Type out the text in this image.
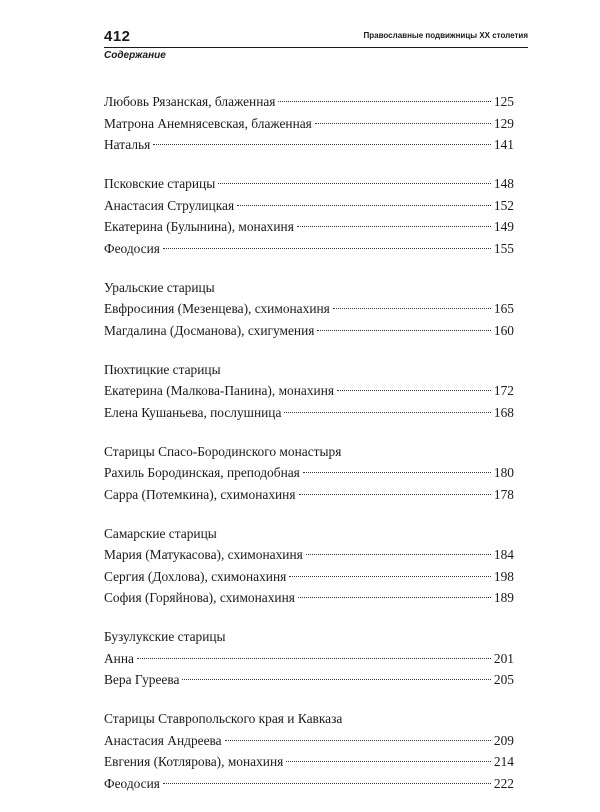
412	Православные подвижницы XX столетия
Содержание
Любовь Рязанская, блаженная	125
Матрона Анемнясевская, блаженная	129
Наталья	141
Псковские старицы	148
Анастасия Струлицкая	152
Екатерина (Булынина), монахиня	149
Феодосия	155
Уральские старицы
Евфросиния (Мезенцева), схимонахиня	165
Магдалина (Досманова), схигумения	160
Пюхтицкие старицы
Екатерина (Малкова-Панина), монахиня	172
Елена Кушаньева, послушница	168
Старицы Спасо-Бородинского монастыря
Рахиль Бородинская, преподобная	180
Сарра (Потемкина), схимонахиня	178
Самарские старицы
Мария (Матукасова), схимонахиня	184
Сергия (Дохлова), схимонахиня	198
София (Горяйнова), схимонахиня	189
Бузулукские старицы
Анна	201
Вера Гуреева	205
Старицы Ставропольского края и Кавказа
Анастасия Андреева	209
Евгения (Котлярова), монахиня	214
Феодосия	222
